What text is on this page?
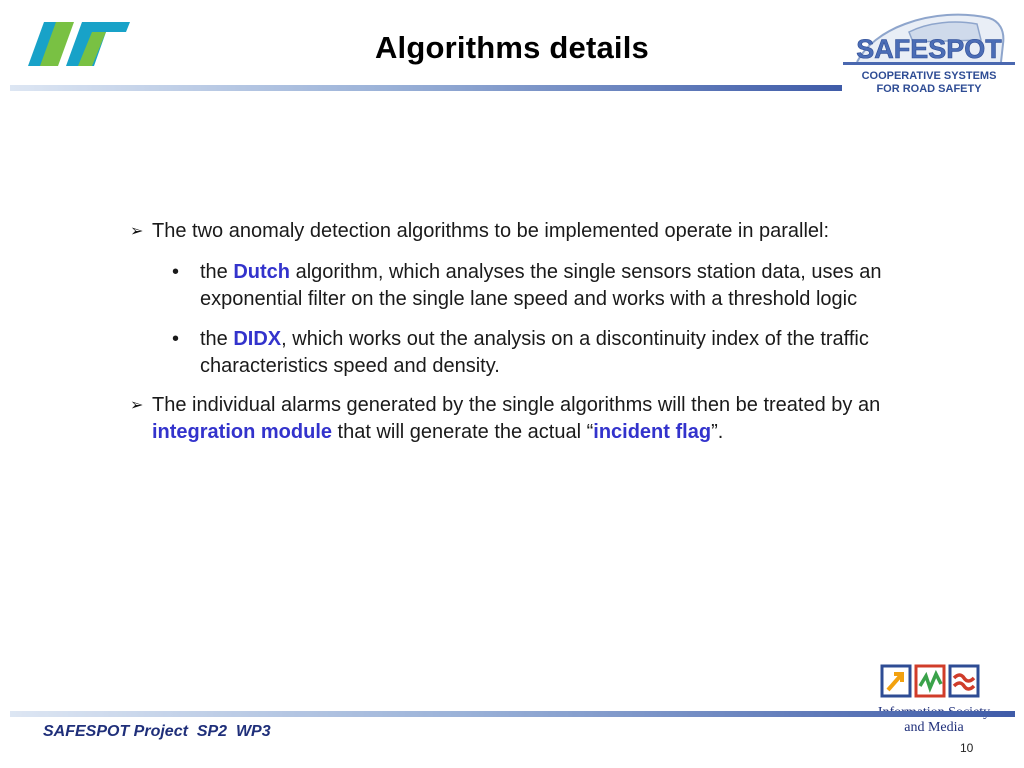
Algorithms details	SAFESPOT
COOPERATIVE SYSTEMS
FOR ROAD SAFETY
➢ The two anomaly detection algorithms to be implemented operate in parallel:
• the Dutch algorithm, which analyses the single sensors station data, uses an exponential filter on the single lane speed and works with a threshold logic
• the DIDX, which works out the analysis on a discontinuity index of the traffic characteristics speed and density.
➢ The individual alarms generated by the single algorithms will then be treated by an integration module that will generate the actual “incident flag”.
and Media
SAFESPOT Project  SP2  WP3
10
